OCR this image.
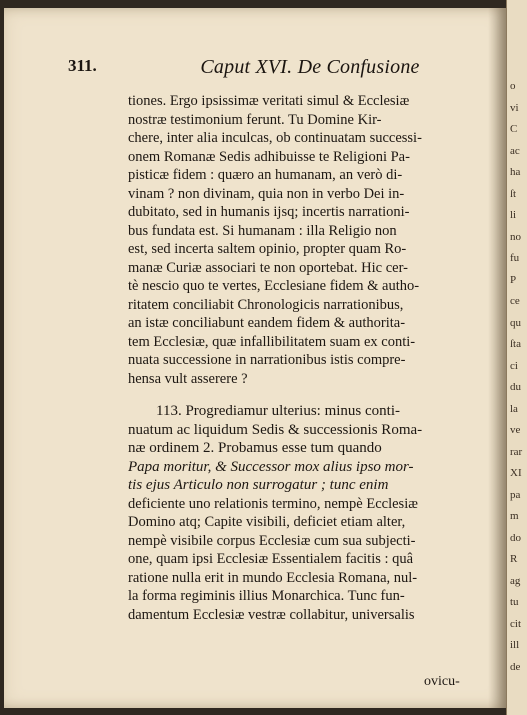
o
vi
C
ac
ha
ſt
li
no
fu
P
ce
qu
ſta
ci
du
la
ve
rar
XI
pa
m
do
R
ag
tu
cit
ill
de
311.	Caput XVI. De Confusione
tiones. Ergo ipsissimæ veritati simul & Ecclesiæ
nostræ testimonium ferunt. Tu Domine Kir-
chere, inter alia inculcas, ob continuatam successi-
onem Romanæ Sedis adhibuisse te Religioni Pa-
pisticæ fidem : quæro an humanam, an verò di-
vinam ? non divinam, quia non in verbo Dei in-
dubitato, sed in humanis ijsq; incertis narrationi-
bus fundata est. Si humanam : illa Religio non
est, sed incerta saltem opinio, propter quam Ro-
manæ Curiæ associari te non oportebat. Hic cer-
tè nescio quo te vertes, Ecclesiane fidem & autho-
ritatem conciliabit Chronologicis narrationibus,
an istæ conciliabunt eandem fidem & authorita-
tem Ecclesiæ, quæ infallibilitatem suam ex conti-
nuata successione in narrationibus istis compre-
hensa vult asserere ?
113. Progrediamur ulterius: minus conti-
nuatum ac liquidum Sedis & successionis Roma-
næ ordinem 2. Probamus esse tum quando
Papa moritur, & Successor mox alius ipso mor-
tis ejus Articulo non surrogatur ; tunc enim
deficiente uno relationis termino, nempè Ecclesiæ
Domino atq; Capite visibili, deficiet etiam alter,
nempè visibile corpus Ecclesiæ cum sua subjecti-
one, quam ipsi Ecclesiæ Essentialem facitis : quâ
ratione nulla erit in mundo Ecclesia Romana, nul-
la forma regiminis illius Monarchica. Tunc fun-
damentum Ecclesiæ vestræ collabitur, universalis
ovicu-
